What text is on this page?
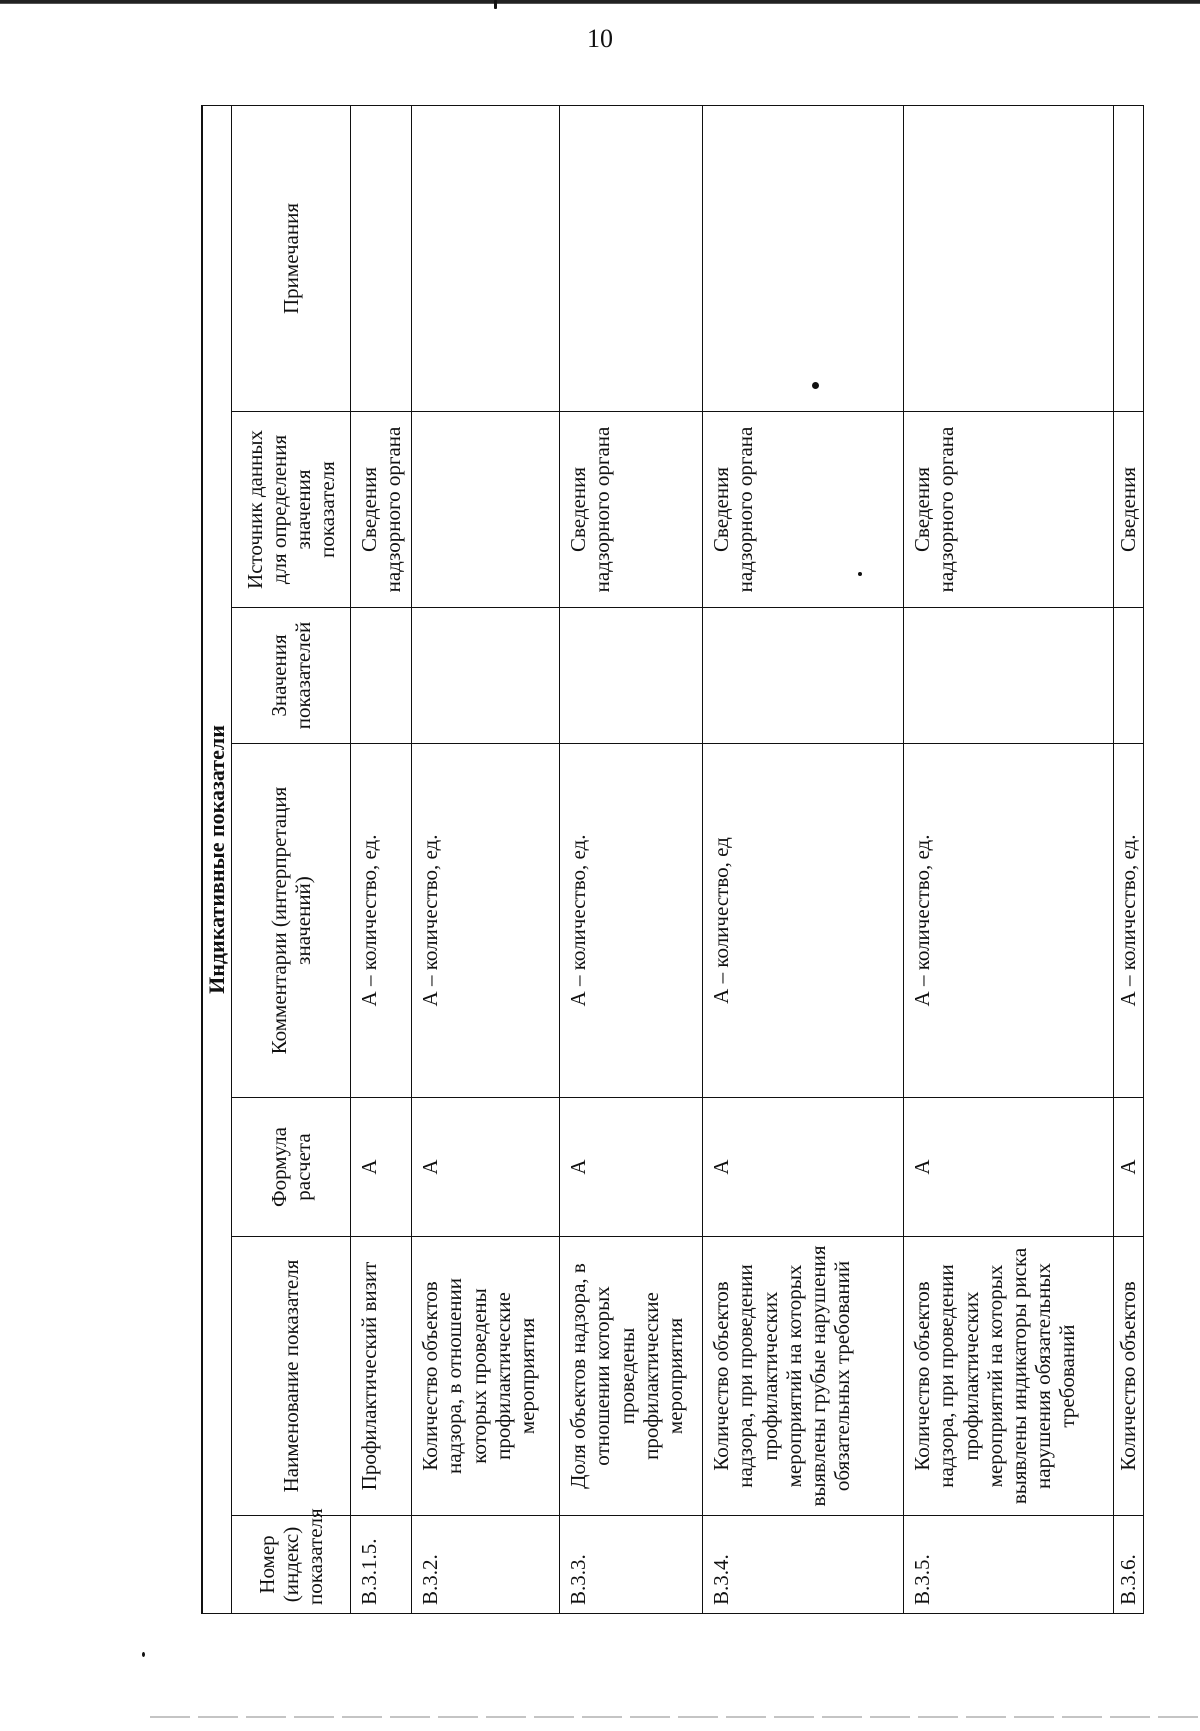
10
Индикативные показатели						
Номер (индекс) показателя	Наименование показателя	Формула расчета	Комментарии (интерпретация значений)	Значения показателей	Источник данных для определения значения показателя	Примечания
В.3.1.5.	Профилактический визит	А	А – количество, ед.		Сведения надзорного органа	
В.3.2.	Количество объектов надзора, в отношении которых проведены профилактические мероприятия	А	А – количество, ед.			
В.3.3.	Доля объектов надзора, в отношении которых проведены профилактические мероприятия	А	А – количество, ед.		Сведения надзорного органа	
В.3.4.	Количество объектов надзора, при проведении профилактических мероприятий на которых выявлены грубые нарушения обязательных требований	А	А – количество, ед		Сведения надзорного органа	
В.3.5.	Количество объектов надзора, при проведении профилактических мероприятий на которых выявлены индикаторы риска нарушения обязательных требований	А	А – количество, ед.		Сведения надзорного органа	
В.3.6.	Количество объектов	А	А – количество, ед.		Сведения	
